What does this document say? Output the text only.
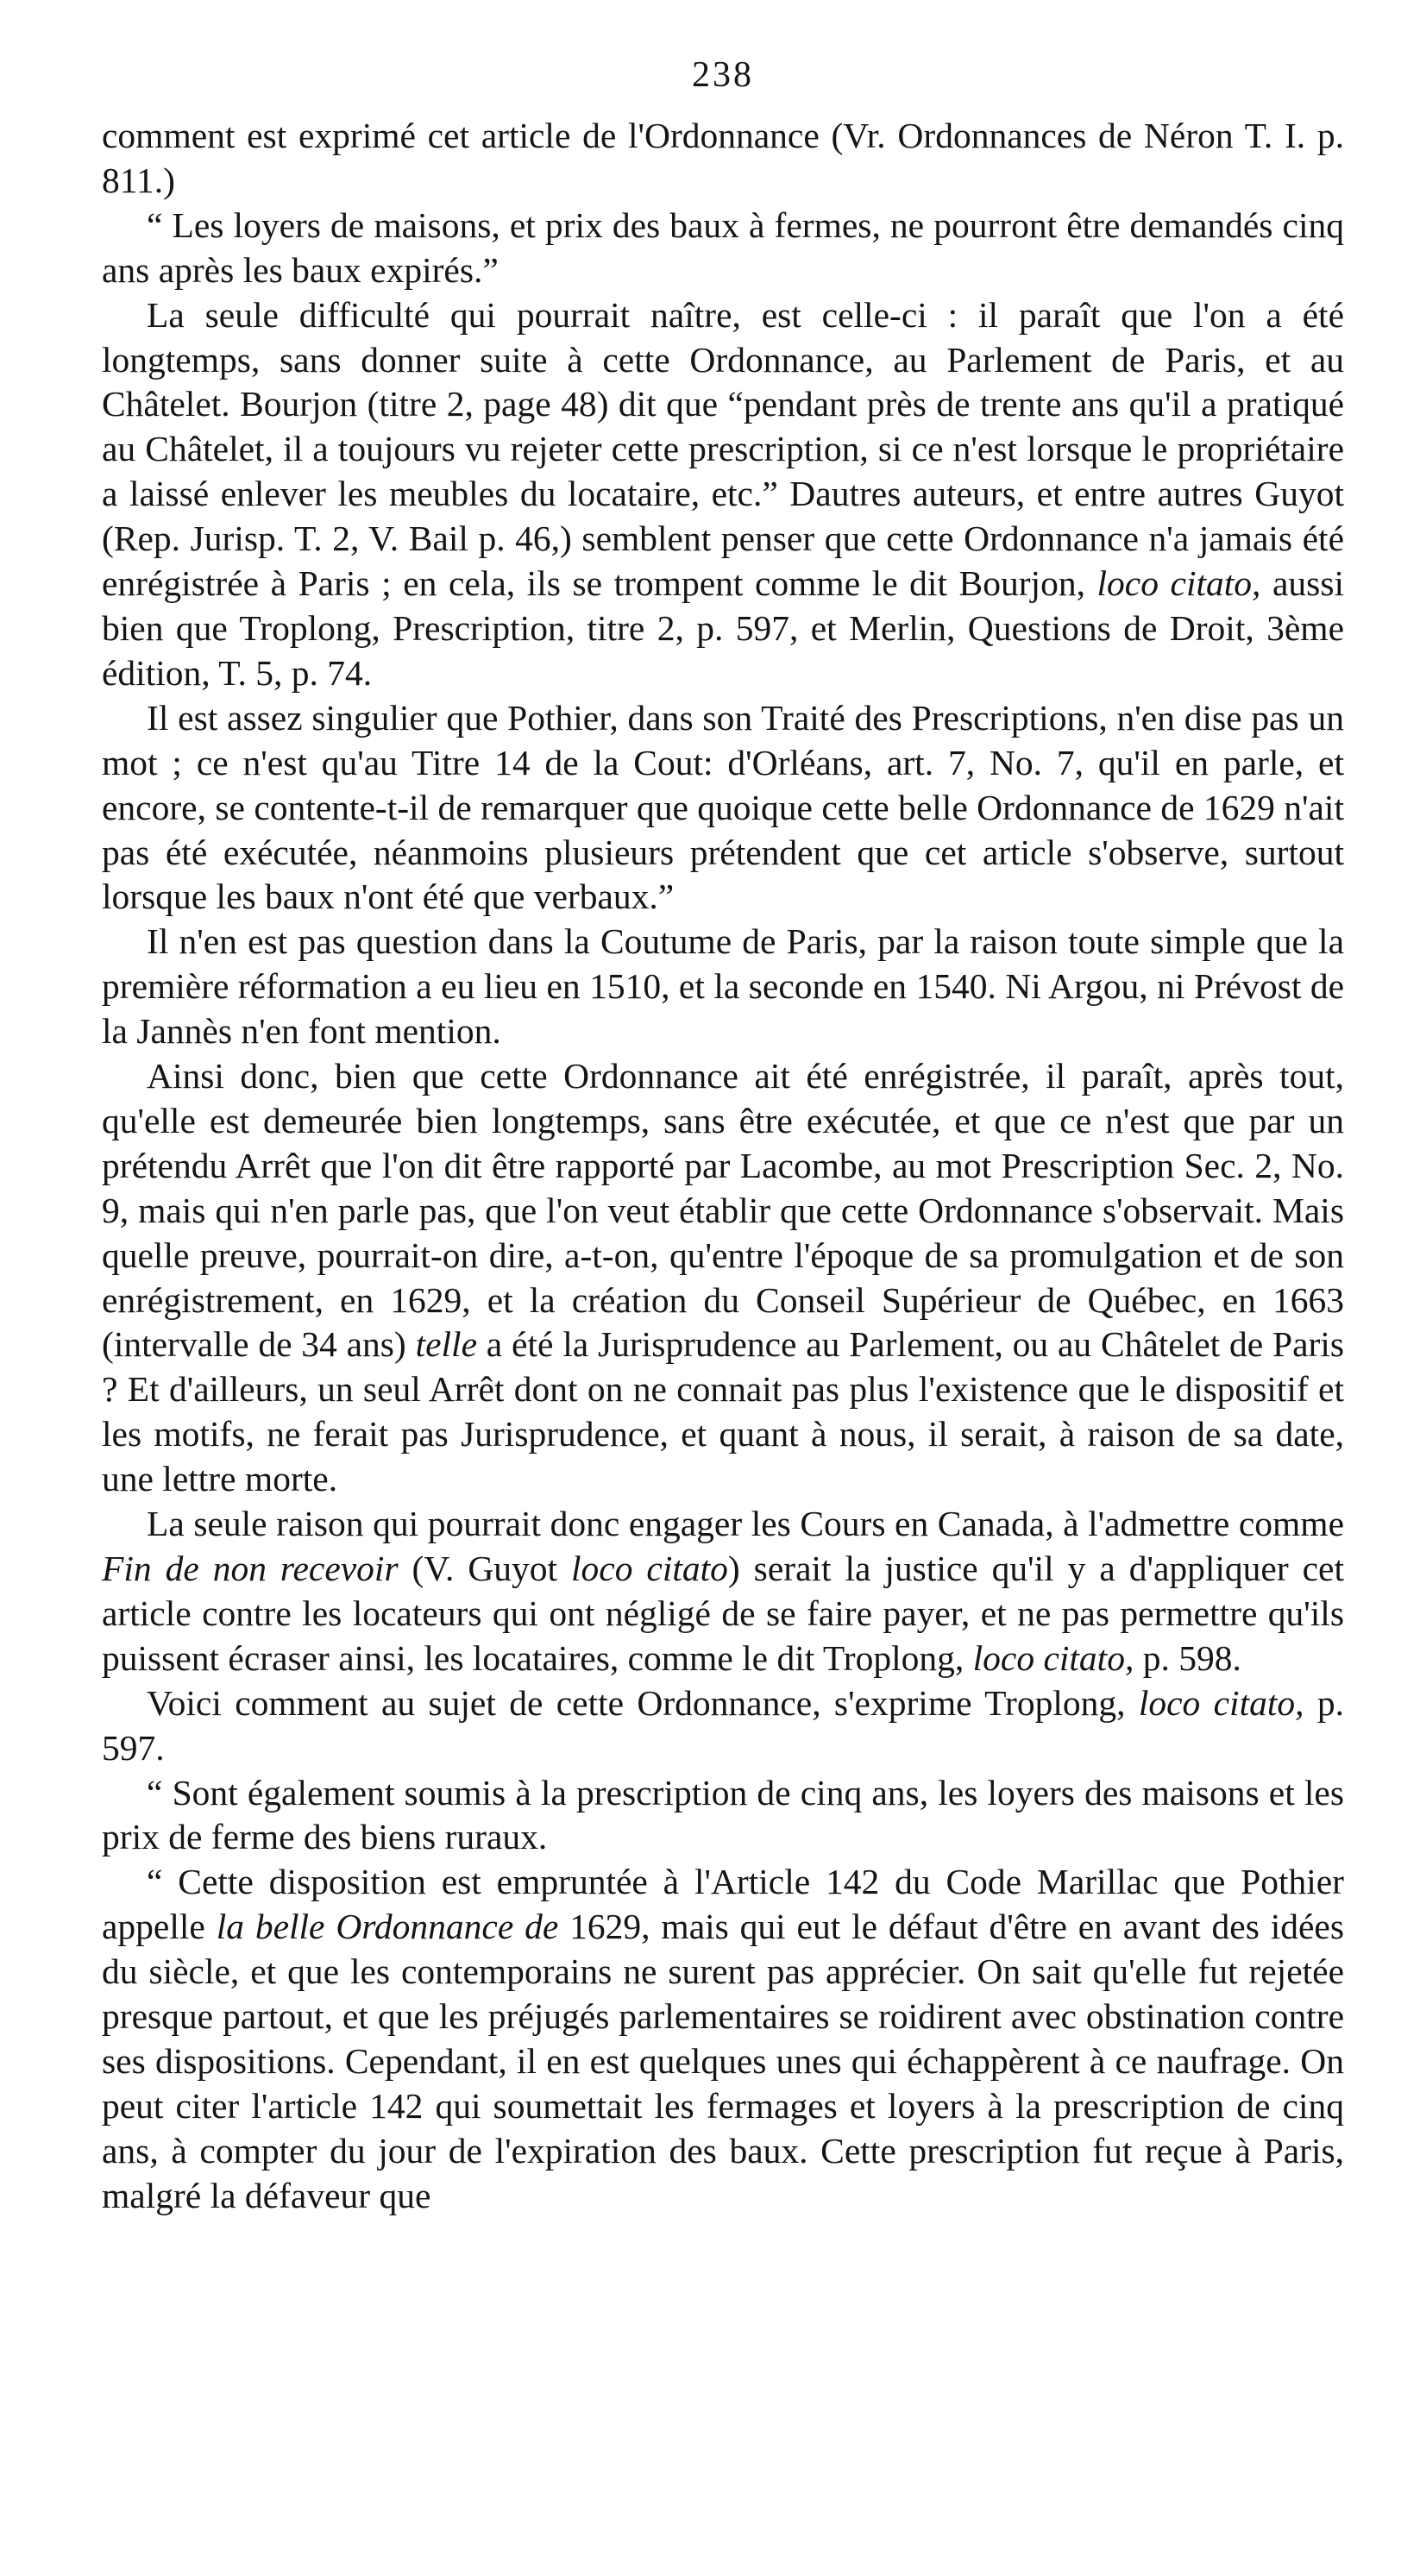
238

comment est exprimé cet article de l'Ordonnance (Vr. Ordonnances de Néron T. I. p. 811.)

“ Les loyers de maisons, et prix des baux à fermes, ne pourront être demandés cinq ans après les baux expirés.”

La seule difficulté qui pourrait naître, est celle-ci : il paraît que l'on a été longtemps, sans donner suite à cette Ordonnance, au Parlement de Paris, et au Châtelet. Bourjon (titre 2, page 48) dit que “pendant près de trente ans qu'il a pratiqué au Châtelet, il a toujours vu rejeter cette prescription, si ce n'est lorsque le propriétaire a laissé enlever les meubles du locataire, etc.” Dautres auteurs, et entre autres Guyot (Rep. Jurisp. T. 2, V. Bail p. 46,) semblent penser que cette Ordonnance n'a jamais été enrégistrée à Paris ; en cela, ils se trompent comme le dit Bourjon, loco citato, aussi bien que Troplong, Prescription, titre 2, p. 597, et Merlin, Questions de Droit, 3ème édition, T. 5, p. 74.

Il est assez singulier que Pothier, dans son Traité des Prescriptions, n'en dise pas un mot ; ce n'est qu'au Titre 14 de la Cout: d'Orléans, art. 7, No. 7, qu'il en parle, et encore, se contente-t-il de remarquer que quoique cette belle Ordonnance de 1629 n'ait pas été exécutée, néanmoins plusieurs prétendent que cet article s'observe, surtout lorsque les baux n'ont été que verbaux.”

Il n'en est pas question dans la Coutume de Paris, par la raison toute simple que la première réformation a eu lieu en 1510, et la seconde en 1540. Ni Argou, ni Prévost de la Jannès n'en font mention.

Ainsi donc, bien que cette Ordonnance ait été enrégistrée, il paraît, après tout, qu'elle est demeurée bien longtemps, sans être exécutée, et que ce n'est que par un prétendu Arrêt que l'on dit être rapporté par Lacombe, au mot Prescription Sec. 2, No. 9, mais qui n'en parle pas, que l'on veut établir que cette Ordonnance s'observait. Mais quelle preuve, pourrait-on dire, a-t-on, qu'entre l'époque de sa promulgation et de son enrégistrement, en 1629, et la création du Conseil Supérieur de Québec, en 1663 (intervalle de 34 ans) telle a été la Jurisprudence au Parlement, ou au Châtelet de Paris ? Et d'ailleurs, un seul Arrêt dont on ne connait pas plus l'existence que le dispositif et les motifs, ne ferait pas Jurisprudence, et quant à nous, il serait, à raison de sa date, une lettre morte.

La seule raison qui pourrait donc engager les Cours en Canada, à l'admettre comme Fin de non recevoir (V. Guyot loco citato) serait la justice qu'il y a d'appliquer cet article contre les locateurs qui ont négligé de se faire payer, et ne pas permettre qu'ils puissent écraser ainsi, les locataires, comme le dit Troplong, loco citato, p. 598.

Voici comment au sujet de cette Ordonnance, s'exprime Troplong, loco citato, p. 597.

“ Sont également soumis à la prescription de cinq ans, les loyers des maisons et les prix de ferme des biens ruraux.

“ Cette disposition est empruntée à l'Article 142 du Code Marillac que Pothier appelle la belle Ordonnance de 1629, mais qui eut le défaut d'être en avant des idées du siècle, et que les contemporains ne surent pas apprécier. On sait qu'elle fut rejetée presque partout, et que les préjugés parlementaires se roidirent avec obstination contre ses dispositions. Cependant, il en est quelques unes qui échappèrent à ce naufrage. On peut citer l'article 142 qui soumettait les fermages et loyers à la prescription de cinq ans, à compter du jour de l'expiration des baux. Cette prescription fut reçue à Paris, malgré la défaveur que
